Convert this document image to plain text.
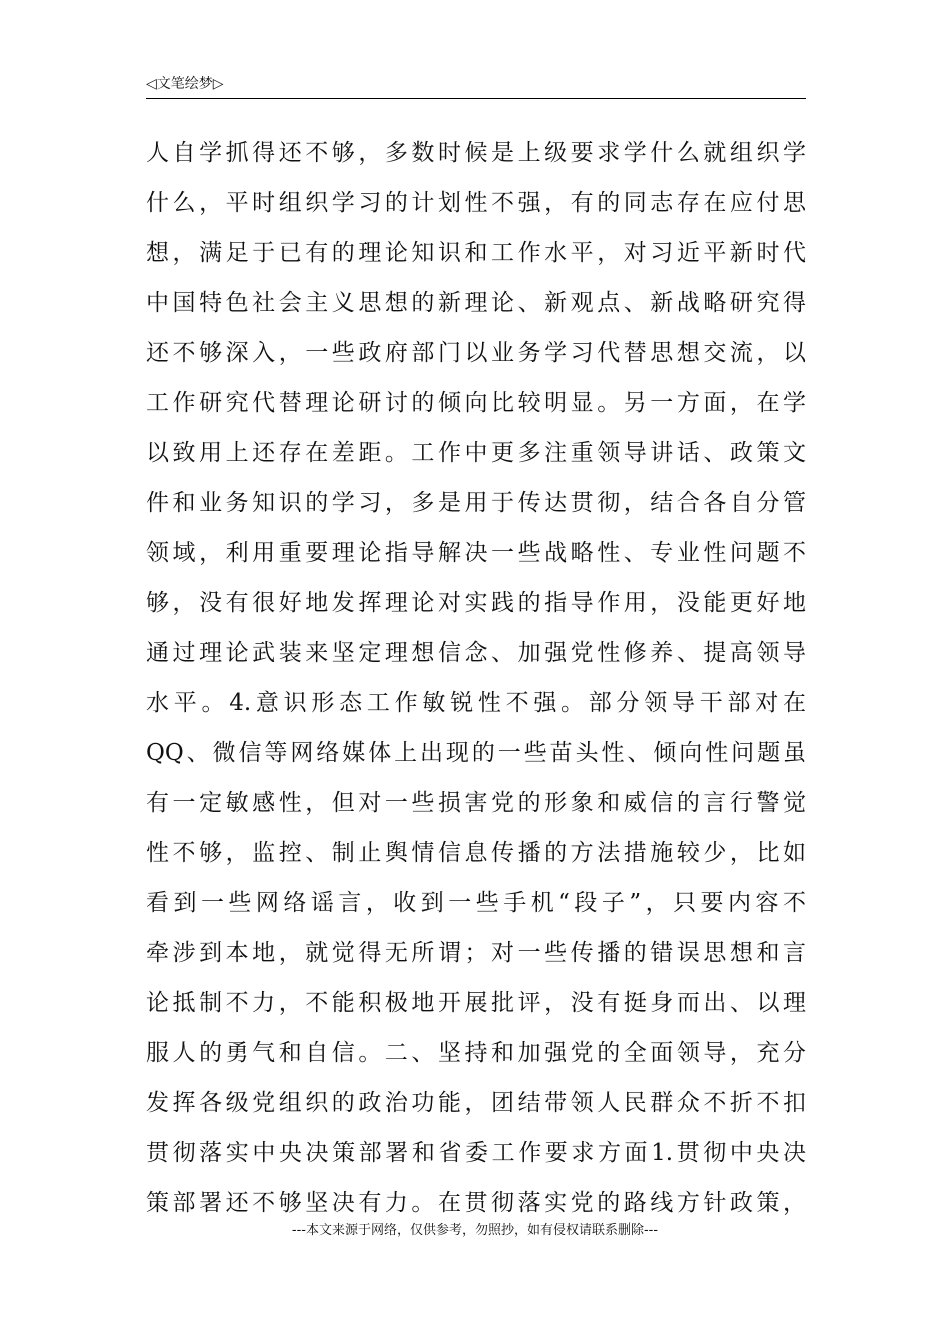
◁文笔绘梦▷
人自学抓得还不够，多数时候是上级要求学什么就组织学
什么，平时组织学习的计划性不强，有的同志存在应付思
想，满足于已有的理论知识和工作水平，对习近平新时代
中国特色社会主义思想的新理论、新观点、新战略研究得
还不够深入，一些政府部门以业务学习代替思想交流，以
工作研究代替理论研讨的倾向比较明显。另一方面，在学
以致用上还存在差距。工作中更多注重领导讲话、政策文
件和业务知识的学习，多是用于传达贯彻，结合各自分管
领域，利用重要理论指导解决一些战略性、专业性问题不
够，没有很好地发挥理论对实践的指导作用，没能更好地
通过理论武装来坚定理想信念、加强党性修养、提高领导
水平。4.意识形态工作敏锐性不强。部分领导干部对在
QQ、微信等网络媒体上出现的一些苗头性、倾向性问题虽
有一定敏感性，但对一些损害党的形象和威信的言行警觉
性不够，监控、制止舆情信息传播的方法措施较少，比如
看到一些网络谣言，收到一些手机“段子”，只要内容不
牵涉到本地，就觉得无所谓；对一些传播的错误思想和言
论抵制不力，不能积极地开展批评，没有挺身而出、以理
服人的勇气和自信。二、坚持和加强党的全面领导，充分
发挥各级党组织的政治功能，团结带领人民群众不折不扣
贯彻落实中央决策部署和省委工作要求方面1.贯彻中央决
策部署还不够坚决有力。在贯彻落实党的路线方针政策，
---本文来源于网络，仅供参考，勿照抄，如有侵权请联系删除---
